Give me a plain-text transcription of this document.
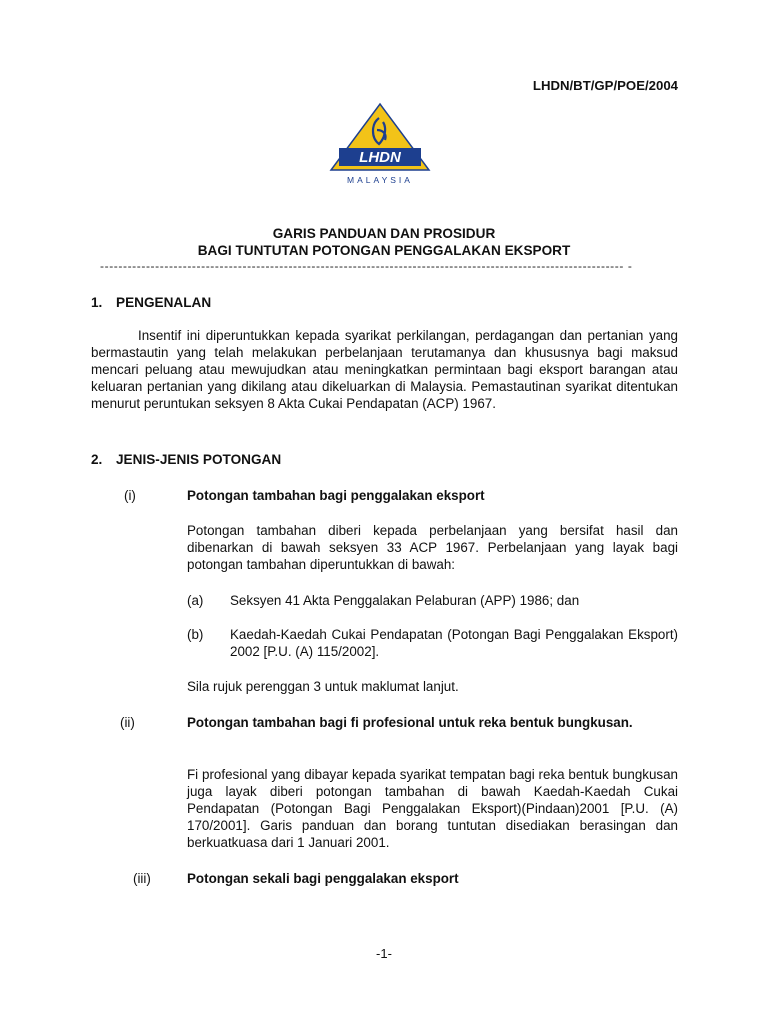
LHDN/BT/GP/POE/2004
LHDN
MALAYSIA
GARIS PANDUAN DAN PROSIDUR
BAGI TUNTUTAN POTONGAN PENGGALAKAN EKSPORT
------------------------------------------------------------------------------------------------------------------ -
1. PENGENALAN
Insentif ini diperuntukkan kepada syarikat perkilangan, perdagangan dan pertanian yang bermastautin yang telah melakukan perbelanjaan terutamanya dan khususnya bagi maksud mencari peluang atau mewujudkan atau meningkatkan permintaan bagi eksport barangan atau keluaran pertanian yang dikilang atau dikeluarkan di Malaysia. Pemastautinan syarikat ditentukan menurut peruntukan seksyen 8 Akta Cukai Pendapatan (ACP) 1967.
2. JENIS-JENIS POTONGAN
(i)	Potongan tambahan bagi penggalakan eksport
Potongan tambahan diberi kepada perbelanjaan yang bersifat hasil dan dibenarkan di bawah seksyen 33 ACP 1967. Perbelanjaan yang layak bagi potongan tambahan diperuntukkan di bawah:
(a) Seksyen 41 Akta Penggalakan Pelaburan (APP) 1986; dan
(b) Kaedah-Kaedah Cukai Pendapatan (Potongan Bagi Penggalakan Eksport) 2002 [P.U. (A) 115/2002].
Sila rujuk perenggan 3 untuk maklumat lanjut.
(ii)	Potongan tambahan bagi fi profesional untuk reka bentuk bungkusan.
Fi profesional yang dibayar kepada syarikat tempatan bagi reka bentuk bungkusan juga layak diberi potongan tambahan di bawah Kaedah-Kaedah Cukai Pendapatan (Potongan Bagi Penggalakan Eksport)(Pindaan)2001 [P.U. (A) 170/2001]. Garis panduan dan borang tuntutan disediakan berasingan dan berkuatkuasa dari 1 Januari 2001.
(iii)	Potongan sekali bagi penggalakan eksport
-1-
